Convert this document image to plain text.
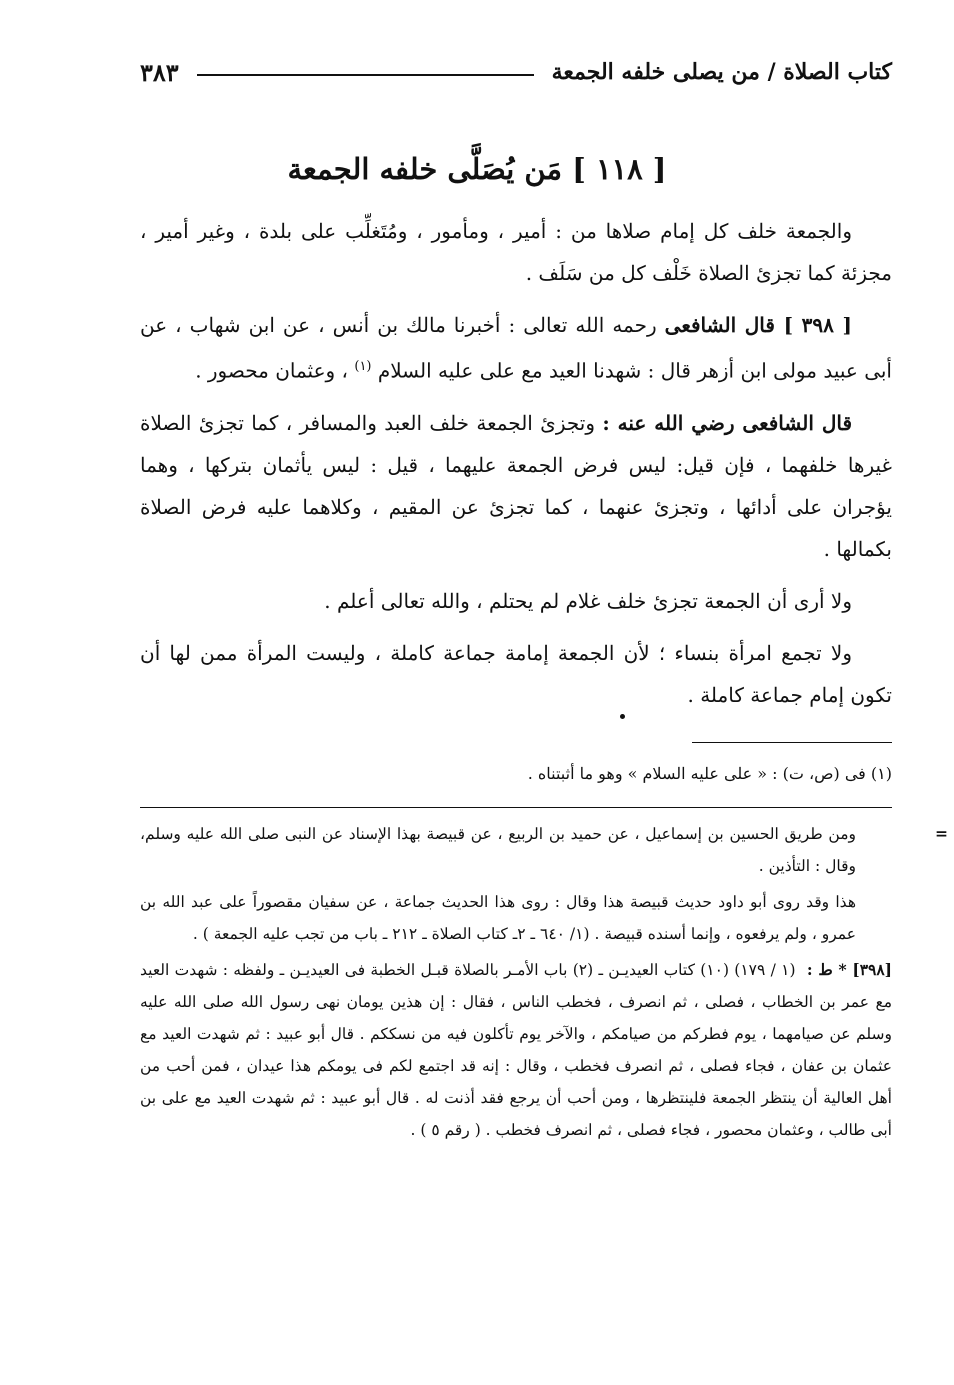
كتاب الصلاة / من يصلى خلفه الجمعة
٣٨٣
[ ١١٨ ] مَن يُصَلَّى خلفه الجمعة

والجمعة خلف كل إمام صلاها من : أمير ، ومأمور ، ومُتَغلِّب على بلدة ، وغير أمير ، مجزئة كما تجزئ الصلاة خَلْف كل من سَلَف .

[ ٣٩٨ ] قال الشافعى رحمه الله تعالى : أخبرنا مالك بن أنس ، عن ابن شهاب ، عن أبى عبيد مولى ابن أزهر قال : شهدنا العيد مع على عليه السلام $^{(١)}$ ، وعثمان محصور .

قال الشافعى رضي الله عنه : وتجزئ الجمعة خلف العبد والمسافر ، كما تجزئ الصلاة غيرها خلفهما ، فإن قيل: ليس فرض الجمعة عليهما ، قيل : ليس يأثمان بتركها ، وهما يؤجران على أدائها ، وتجزئ عنهما ، كما تجزئ عن المقيم ، وكلاهما عليه فرض الصلاة بكمالها .

ولا أرى أن الجمعة تجزئ خلف غلام لم يحتلم ، والله تعالى أعلم .

ولا تجمع امرأة بنساء ؛ لأن الجمعة إمامة جماعة كاملة ، وليست المرأة ممن لها أن تكون إمام جماعة كاملة .

(١) فى (ص، ت) : « على عليه السلام » وهو ما أثبتناه .

=
ومن طريق الحسين بن إسماعيل ، عن حميد بن الربيع ، عن قبيصة بهذا الإسناد عن النبى صلى الله عليه وسلم، وقال : التأذين .

هذا وقد روى أبو داود حديث قبيصة هذا وقال : روى هذا الحديث جماعة ، عن سفيان مقصوراً على عبد الله بن عمرو ، ولم يرفعوه ، وإنما أسنده قبيصة . (١/ ٦٤٠ ـ ٢ـ كتاب الصلاة ـ ٢١٢ ـ باب من تجب عليه الجمعة ) .

[٣٩٨] * ط : (١ / ١٧٩) (١٠) كتاب العيديـن ـ (٢) باب الأمـر بالصلاة قبـل الخطبة فى العيديـن ـ ولفظه : شهدت العيد مع عمر بن الخطاب ، فصلى ، ثم انصرف ، فخطب الناس ، فقال : إن هذين يومان نهى رسول الله صلى الله عليه وسلم عن صيامهما ، يوم فطركم من صيامكم ، والآخر يوم تأكلون فيه من نسككم . قال أبو عبيد : ثم شهدت العيد مع عثمان بن عفان ، فجاء فصلى ، ثم انصرف فخطب ، وقال : إنه قد اجتمع لكم فى يومكم هذا عيدان ، فمن أحب من أهل العالية أن ينتظر الجمعة فلينتظرها ، ومن أحب أن يرجع فقد أذنت له . قال أبو عبيد : ثم شهدت العيد مع على بن أبى طالب ، وعثمان محصور ، فجاء فصلى ، ثم انصرف فخطب . ( رقم ٥ ) .
